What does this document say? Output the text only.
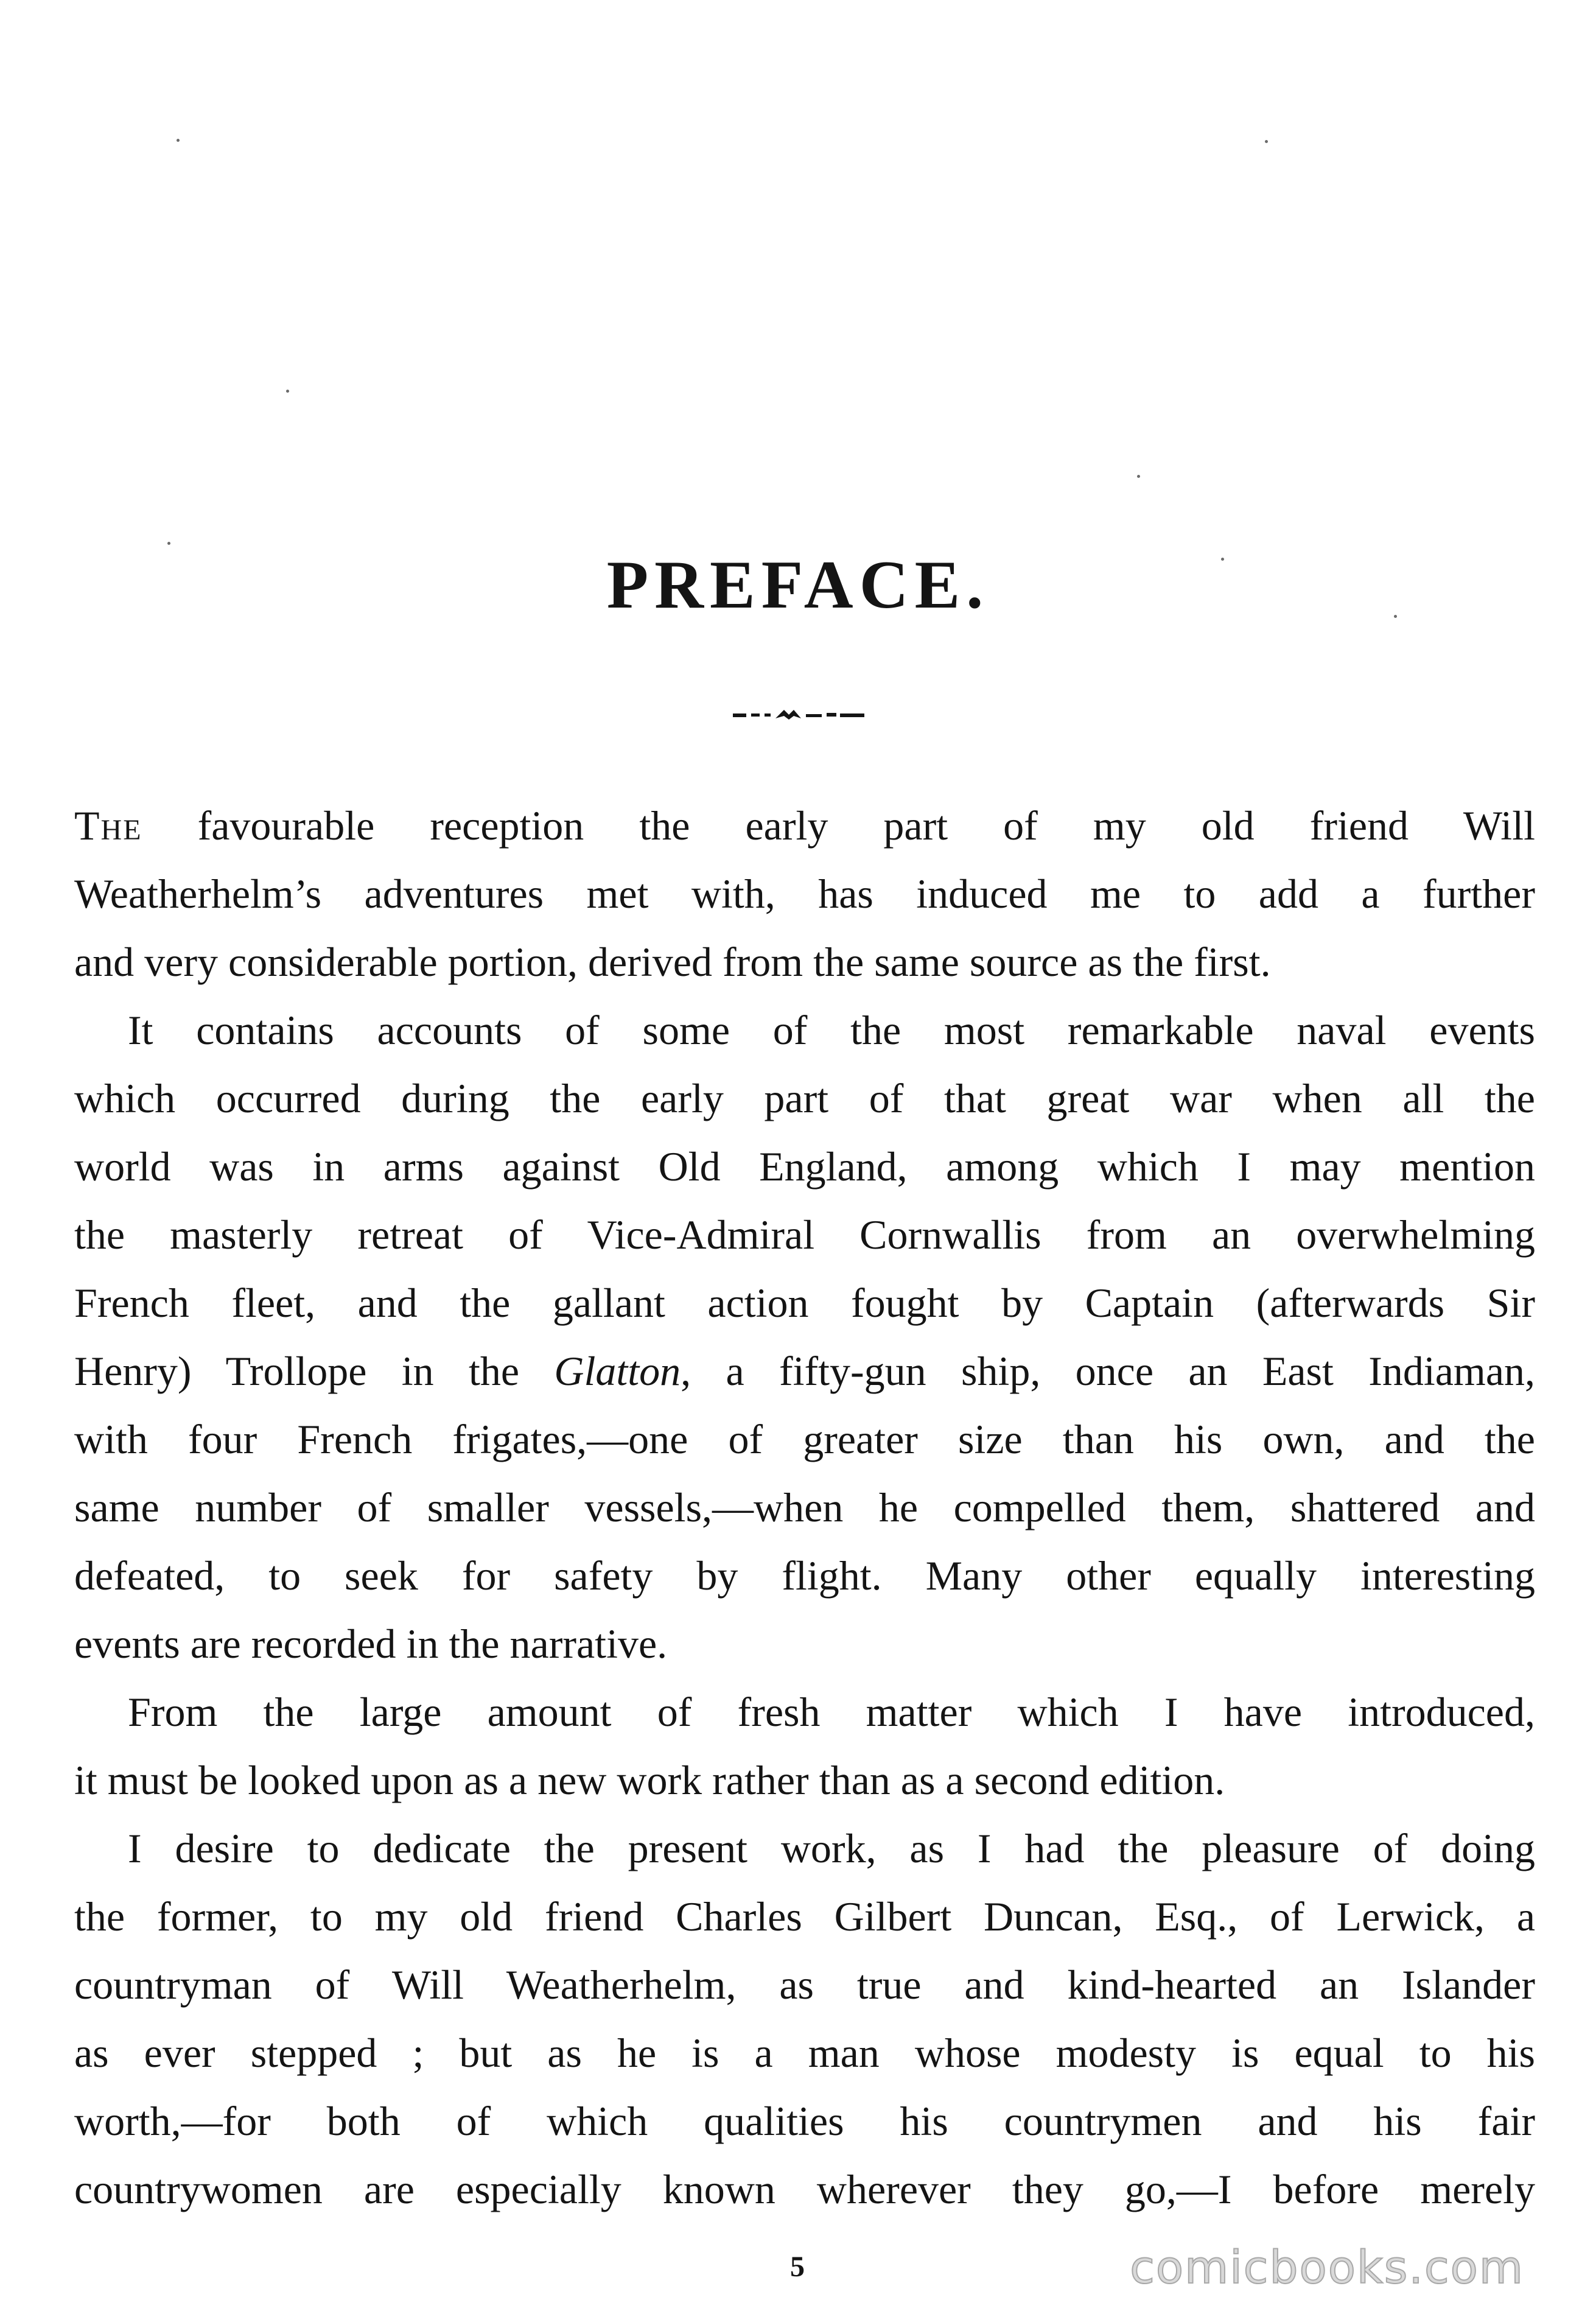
PREFACE.
The favourable reception the early part of my old friend Will
Weatherhelm’s adventures met with, has induced me to add a further
and very considerable portion, derived from the same source as the first.
It contains accounts of some of the most remarkable naval events
which occurred during the early part of that great war when all the
world was in arms against Old England, among which I may mention
the masterly retreat of Vice-Admiral Cornwallis from an overwhelming
French fleet, and the gallant action fought by Captain (afterwards Sir
Henry) Trollope in the Glatton, a fifty-gun ship, once an East Indiaman,
with four French frigates,—one of greater size than his own, and the
same number of smaller vessels,—when he compelled them, shattered and
defeated, to seek for safety by flight. Many other equally interesting
events are recorded in the narrative.
From the large amount of fresh matter which I have introduced,
it must be looked upon as a new work rather than as a second edition.
I desire to dedicate the present work, as I had the pleasure of doing
the former, to my old friend Charles Gilbert Duncan, Esq., of Lerwick, a
countryman of Will Weatherhelm, as true and kind-hearted an Islander
as ever stepped ; but as he is a man whose modesty is equal to his
worth,—for both of which qualities his countrymen and his fair
countrywomen are especially known wherever they go,—I before merely
5	comicbooks.com
